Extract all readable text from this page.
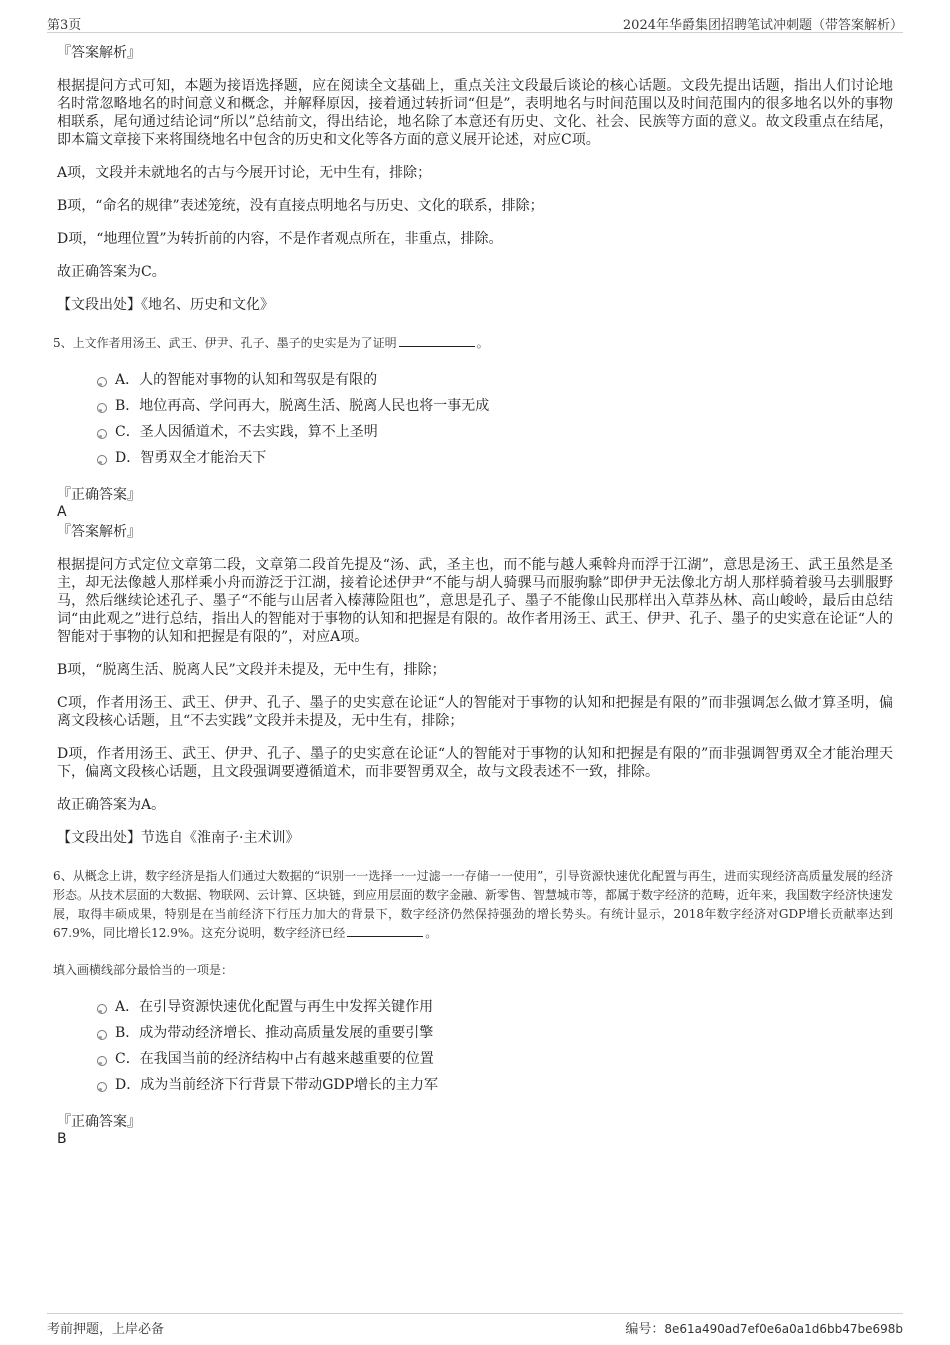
第3页	2024年华爵集团招聘笔试冲刺题（带答案解析）

『答案解析』

根据提问方式可知，本题为接语选择题，应在阅读全文基础上，重点关注文段最后谈论的核心话题。文段先提出话题，指出人们讨论地名时常忽略地名的时间意义和概念，并解释原因，接着通过转折词“但是”，表明地名与时间范围以及时间范围内的很多地名以外的事物相联系，尾句通过结论词“所以”总结前文，得出结论，地名除了本意还有历史、文化、社会、民族等方面的意义。故文段重点在结尾，即本篇文章接下来将围绕地名中包含的历史和文化等各方面的意义展开论述，对应C项。

A项，文段并未就地名的古与今展开讨论，无中生有，排除；

B项，“命名的规律”表述笼统，没有直接点明地名与历史、文化的联系，排除；

D项，“地理位置”为转折前的内容，不是作者观点所在，非重点，排除。

故正确答案为C。

【文段出处】《地名、历史和文化》

5、上文作者用汤王、武王、伊尹、孔子、墨子的史实是为了证明	。

A．人的智能对事物的认知和驾驭是有限的
B．地位再高、学问再大，脱离生活、脱离人民也将一事无成
C．圣人因循道术，不去实践，算不上圣明
D．智勇双全才能治天下

『正确答案』

A

『答案解析』

根据提问方式定位文章第二段，文章第二段首先提及“汤、武，圣主也，而不能与越人乘斡舟而浮于江湖”，意思是汤王、武王虽然是圣主，却无法像越人那样乘小舟而游泛于江湖，接着论述伊尹“不能与胡人骑骒马而服驹駼”即伊尹无法像北方胡人那样骑着骏马去驯服野马，然后继续论述孔子、墨子“不能与山居者入榛薄险阻也”，意思是孔子、墨子不能像山民那样出入草莽丛林、高山峻岭，最后由总结词“由此观之”进行总结，指出人的智能对于事物的认知和把握是有限的。故作者用汤王、武王、伊尹、孔子、墨子的史实意在论证“人的智能对于事物的认知和把握是有限的”，对应A项。

B项，“脱离生活、脱离人民”文段并未提及，无中生有，排除；

C项，作者用汤王、武王、伊尹、孔子、墨子的史实意在论证“人的智能对于事物的认知和把握是有限的”而非强调怎么做才算圣明，偏离文段核心话题，且“不去实践”文段并未提及，无中生有，排除；

D项，作者用汤王、武王、伊尹、孔子、墨子的史实意在论证“人的智能对于事物的认知和把握是有限的”而非强调智勇双全才能治理天下，偏离文段核心话题，且文段强调要遵循道术，而非要智勇双全，故与文段表述不一致，排除。

故正确答案为A。

【文段出处】节选自《淮南子·主术训》

6、从概念上讲，数字经济是指人们通过大数据的“识别一一选择一一过滤一一存储一一使用”，引导资源快速优化配置与再生，进而实现经济高质量发展的经济形态。从技术层面的大数据、物联网、云计算、区块链，到应用层面的数字金融、新零售、智慧城市等，都属于数字经济的范畴，近年来，我国数字经济快速发展，取得丰硕成果，特别是在当前经济下行压力加大的背景下，数字经济仍然保持强劲的增长势头。有统计显示，2018年数字经济对GDP增长贡献率达到67.9%，同比增长12.9%。这充分说明，数字经济已经	。

填入画横线部分最恰当的一项是：

A．在引导资源快速优化配置与再生中发挥关键作用
B．成为带动经济增长、推动高质量发展的重要引擎
C．在我国当前的经济结构中占有越来越重要的位置
D．成为当前经济下行背景下带动GDP增长的主力军

『正确答案』

B

考前押题，上岸必备	编号：8e61a490ad7ef0e6a0a1d6bb47be698b
